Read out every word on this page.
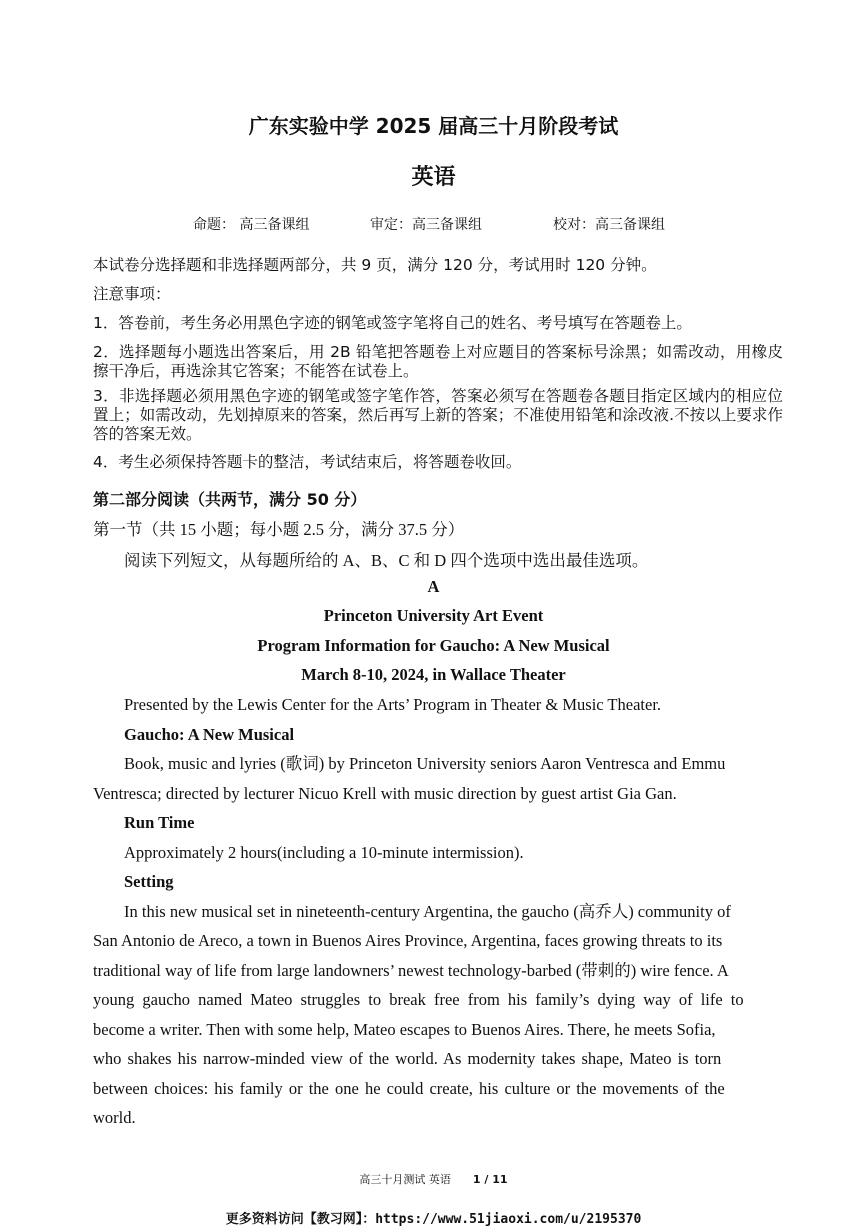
广东实验中学 2025 届高三十月阶段考试
英语
命题： 高三备课组	审定：高三备课组	校对：高三备课组
本试卷分选择题和非选择题两部分，共 9 页，满分 120 分，考试用时 120 分钟。
注意事项：
1．答卷前，考生务必用黑色字迹的钢笔或签字笔将自己的姓名、考号填写在答题卷上。
2．选择题每小题选出答案后，用 2B 铅笔把答题卷上对应题目的答案标号涂黑；如需改动，用橡皮擦干净后，再选涂其它答案；不能答在试卷上。
3．非选择题必须用黑色字迹的钢笔或签字笔作答，答案必须写在答题卷各题目指定区域内的相应位置上；如需改动，先划掉原来的答案，然后再写上新的答案；不准使用铅笔和涂改液.不按以上要求作答的答案无效。
4．考生必须保持答题卡的整洁，考试结束后，将答题卷收回。
第二部分阅读（共两节，满分 50 分）
第一节（共 15 小题；每小题 2.5 分，满分 37.5 分）
阅读下列短文，从每题所给的 A、B、C 和 D 四个选项中选出最佳选项。
A
Princeton University Art Event
Program Information for Gaucho: A New Musical
March 8-10, 2024, in Wallace Theater
Presented by the Lewis Center for the Arts’ Program in Theater & Music Theater.
Gaucho: A New Musical
Book, music and lyries (歌词) by Princeton University seniors Aaron Ventresca and Emmu
Ventresca; directed by lecturer Nicuo Krell with music direction by guest artist Gia Gan.
Run Time
Approximately 2 hours(including a 10-minute intermission).
Setting
In this new musical set in nineteenth-century Argentina, the gaucho (高乔人) community of
San Antonio de Areco, a town in Buenos Aires Province, Argentina, faces growing threats to its
traditional way of life from large landowners’ newest technology-barbed (带刺的) wire fence. A
young gaucho named Mateo struggles to break free from his family’s dying way of life to
become a writer. Then with some help, Mateo escapes to Buenos Aires. There, he meets Sofia,
who shakes his narrow-minded view of the world. As modernity takes shape, Mateo is torn
between choices: his family or the one he could create, his culture or the movements of the
world.
高三十月测试 英语 1 / 11
更多资料访问【教习网】：https://www.51jiaoxi.com/u/2195370
